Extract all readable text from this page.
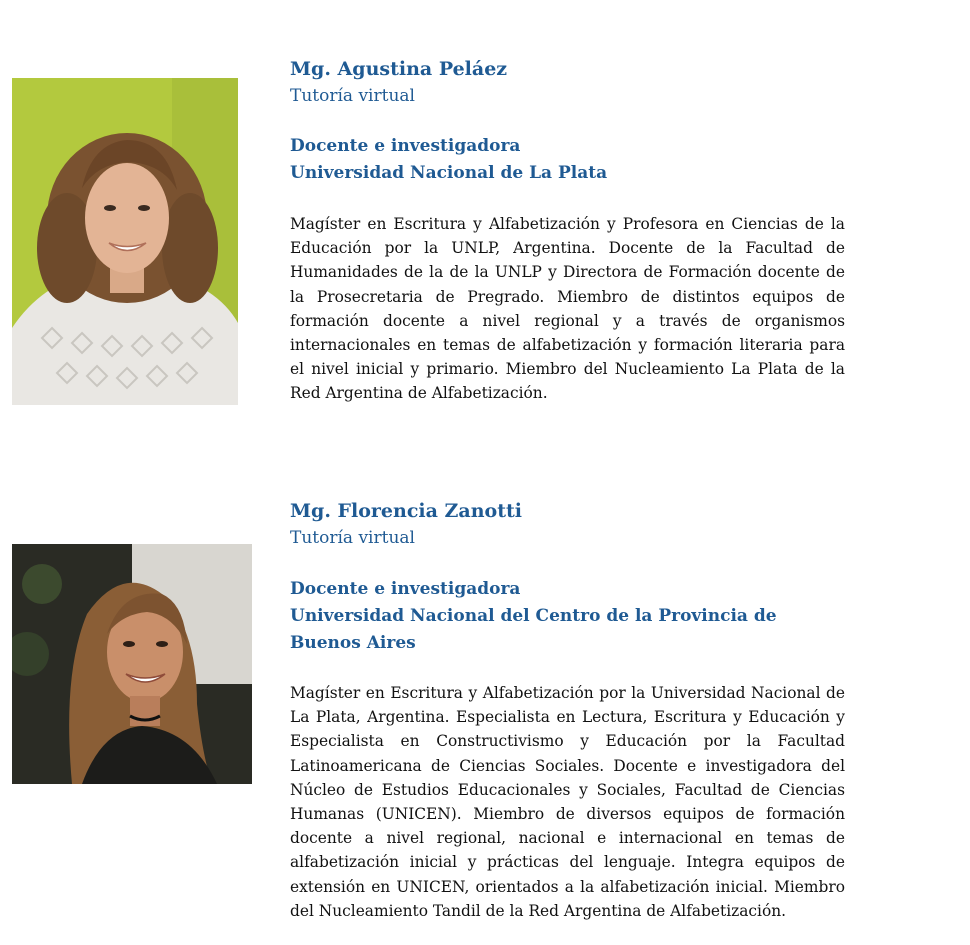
Mg. Agustina Peláez

Tutoría virtual

Docente e investigadora

Universidad Nacional de La Plata

Magíster en Escritura y Alfabetización y Profesora en Ciencias de la Educación por la UNLP, Argentina. Docente de la Facultad de Humanidades de la de la UNLP y Directora de Formación docente de la Prosecretaria de Pregrado. Miembro de distintos equipos de formación docente a nivel regional y a través de organismos internacionales en temas de alfabetización y formación literaria para el nivel inicial y primario. Miembro del Nucleamiento La Plata de la Red Argentina de Alfabetización.

Mg. Florencia Zanotti

Tutoría virtual

Docente e investigadora

Universidad Nacional del Centro de la Provincia de Buenos Aires

Magíster en Escritura y Alfabetización por la Universidad Nacional de La Plata, Argentina. Especialista en Lectura, Escritura y Educación y Especialista en Constructivismo y Educación por la Facultad Latinoamericana de Ciencias Sociales. Docente e investigadora del Núcleo de Estudios Educacionales y Sociales, Facultad de Ciencias Humanas (UNICEN). Miembro de diversos equipos de formación docente a nivel regional, nacional e internacional en temas de alfabetización inicial y prácticas del lenguaje. Integra equipos de extensión en UNICEN, orientados a la alfabetización inicial. Miembro del Nucleamiento Tandil de la Red Argentina de Alfabetización.
